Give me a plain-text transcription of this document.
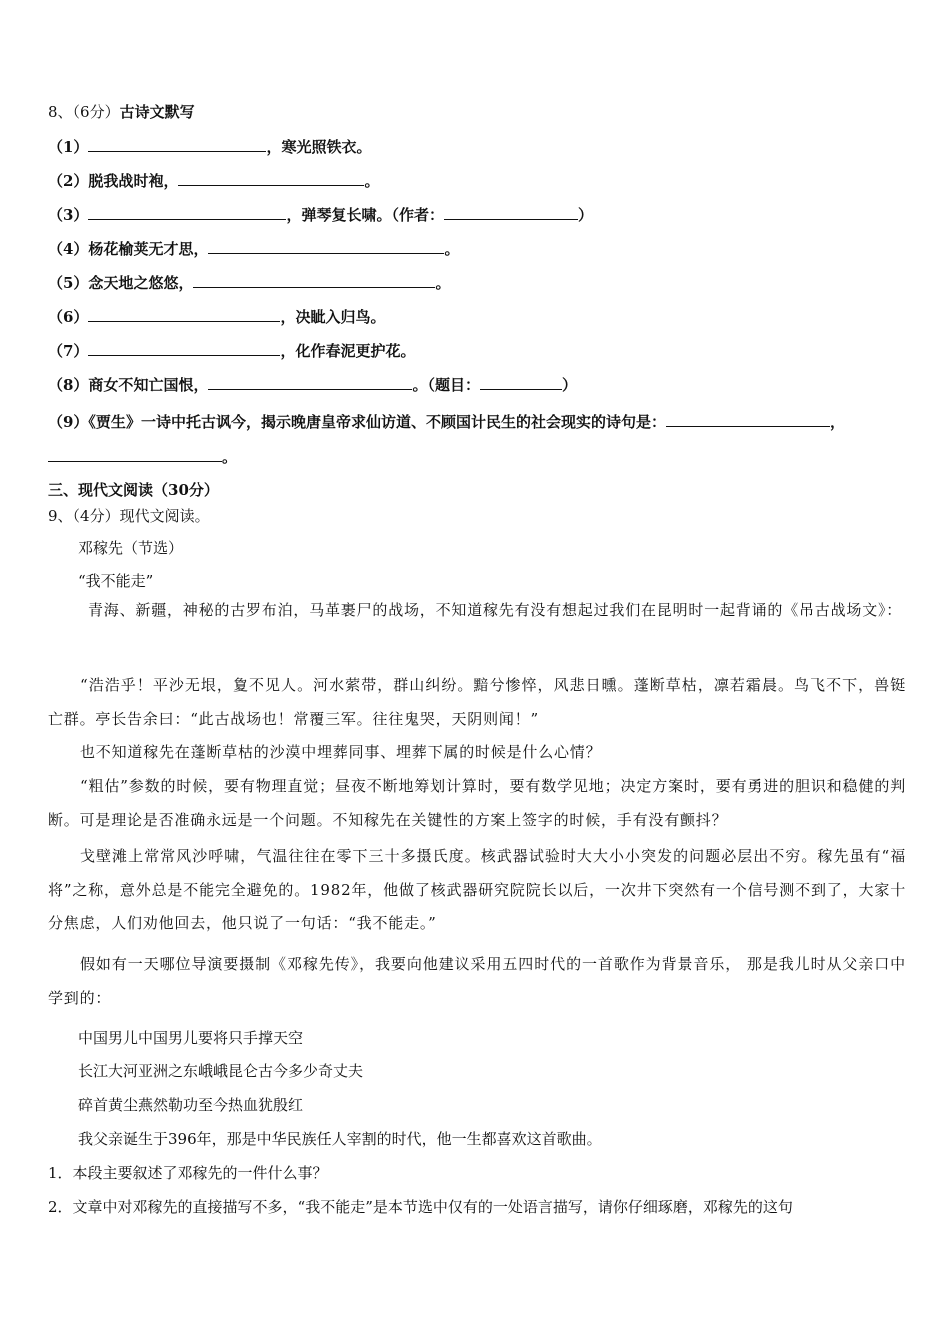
8、（6分）古诗文默写
（1）	，寒光照铁衣。
（2）脱我战时袍，	。
（3）	，弹琴复长啸。（作者：	）
（4）杨花榆荚无才思，	。
（5）念天地之悠悠，	。
（6）	，决眦入归鸟。
（7）	，化作春泥更护花。
（8）商女不知亡国恨，	。（题目：	）
（9）《贾生》一诗中托古讽今，揭示晚唐皇帝求仙访道、不顾国计民生的社会现实的诗句是：	，
。
三、现代文阅读（30分）
9、（4分）现代文阅读。
邓稼先（节选）
“我不能走”
青海、新疆，神秘的古罗布泊，马革裹尸的战场，不知道稼先有没有想起过我们在昆明时一起背诵的《吊古战场文》：
“浩浩乎！平沙无垠，夐不见人。河水萦带，群山纠纷。黯兮惨悴，风悲日曛。蓬断草枯，凛若霜晨。鸟飞不下，兽铤亡群。亭长告余曰：“此古战场也！常覆三军。往往鬼哭，天阴则闻！”
也不知道稼先在蓬断草枯的沙漠中埋葬同事、埋葬下属的时候是什么心情？
“粗估”参数的时候，要有物理直觉；昼夜不断地筹划计算时，要有数学见地；决定方案时，要有勇进的胆识和稳健的判断。可是理论是否准确永远是一个问题。不知稼先在关键性的方案上签字的时候，手有没有颤抖？
戈壁滩上常常风沙呼啸，气温往往在零下三十多摄氏度。核武器试验时大大小小突发的问题必层出不穷。稼先虽有“福将”之称，意外总是不能完全避免的。1982年，他做了核武器研究院院长以后，一次井下突然有一个信号测不到了，大家十分焦虑，人们劝他回去，他只说了一句话：“我不能走。”
假如有一天哪位导演要摄制《邓稼先传》，我要向他建议采用五四时代的一首歌作为背景音乐， 那是我儿时从父亲口中学到的：
中国男儿中国男儿要将只手撑天空
长江大河亚洲之东峨峨昆仑古今多少奇丈夫
碎首黄尘燕然勒功至今热血犹殷红
我父亲诞生于396年，那是中华民族任人宰割的时代，他一生都喜欢这首歌曲。
1．本段主要叙述了邓稼先的一件什么事？
2．文章中对邓稼先的直接描写不多，“我不能走”是本节选中仅有的一处语言描写，请你仔细琢磨，邓稼先的这句
